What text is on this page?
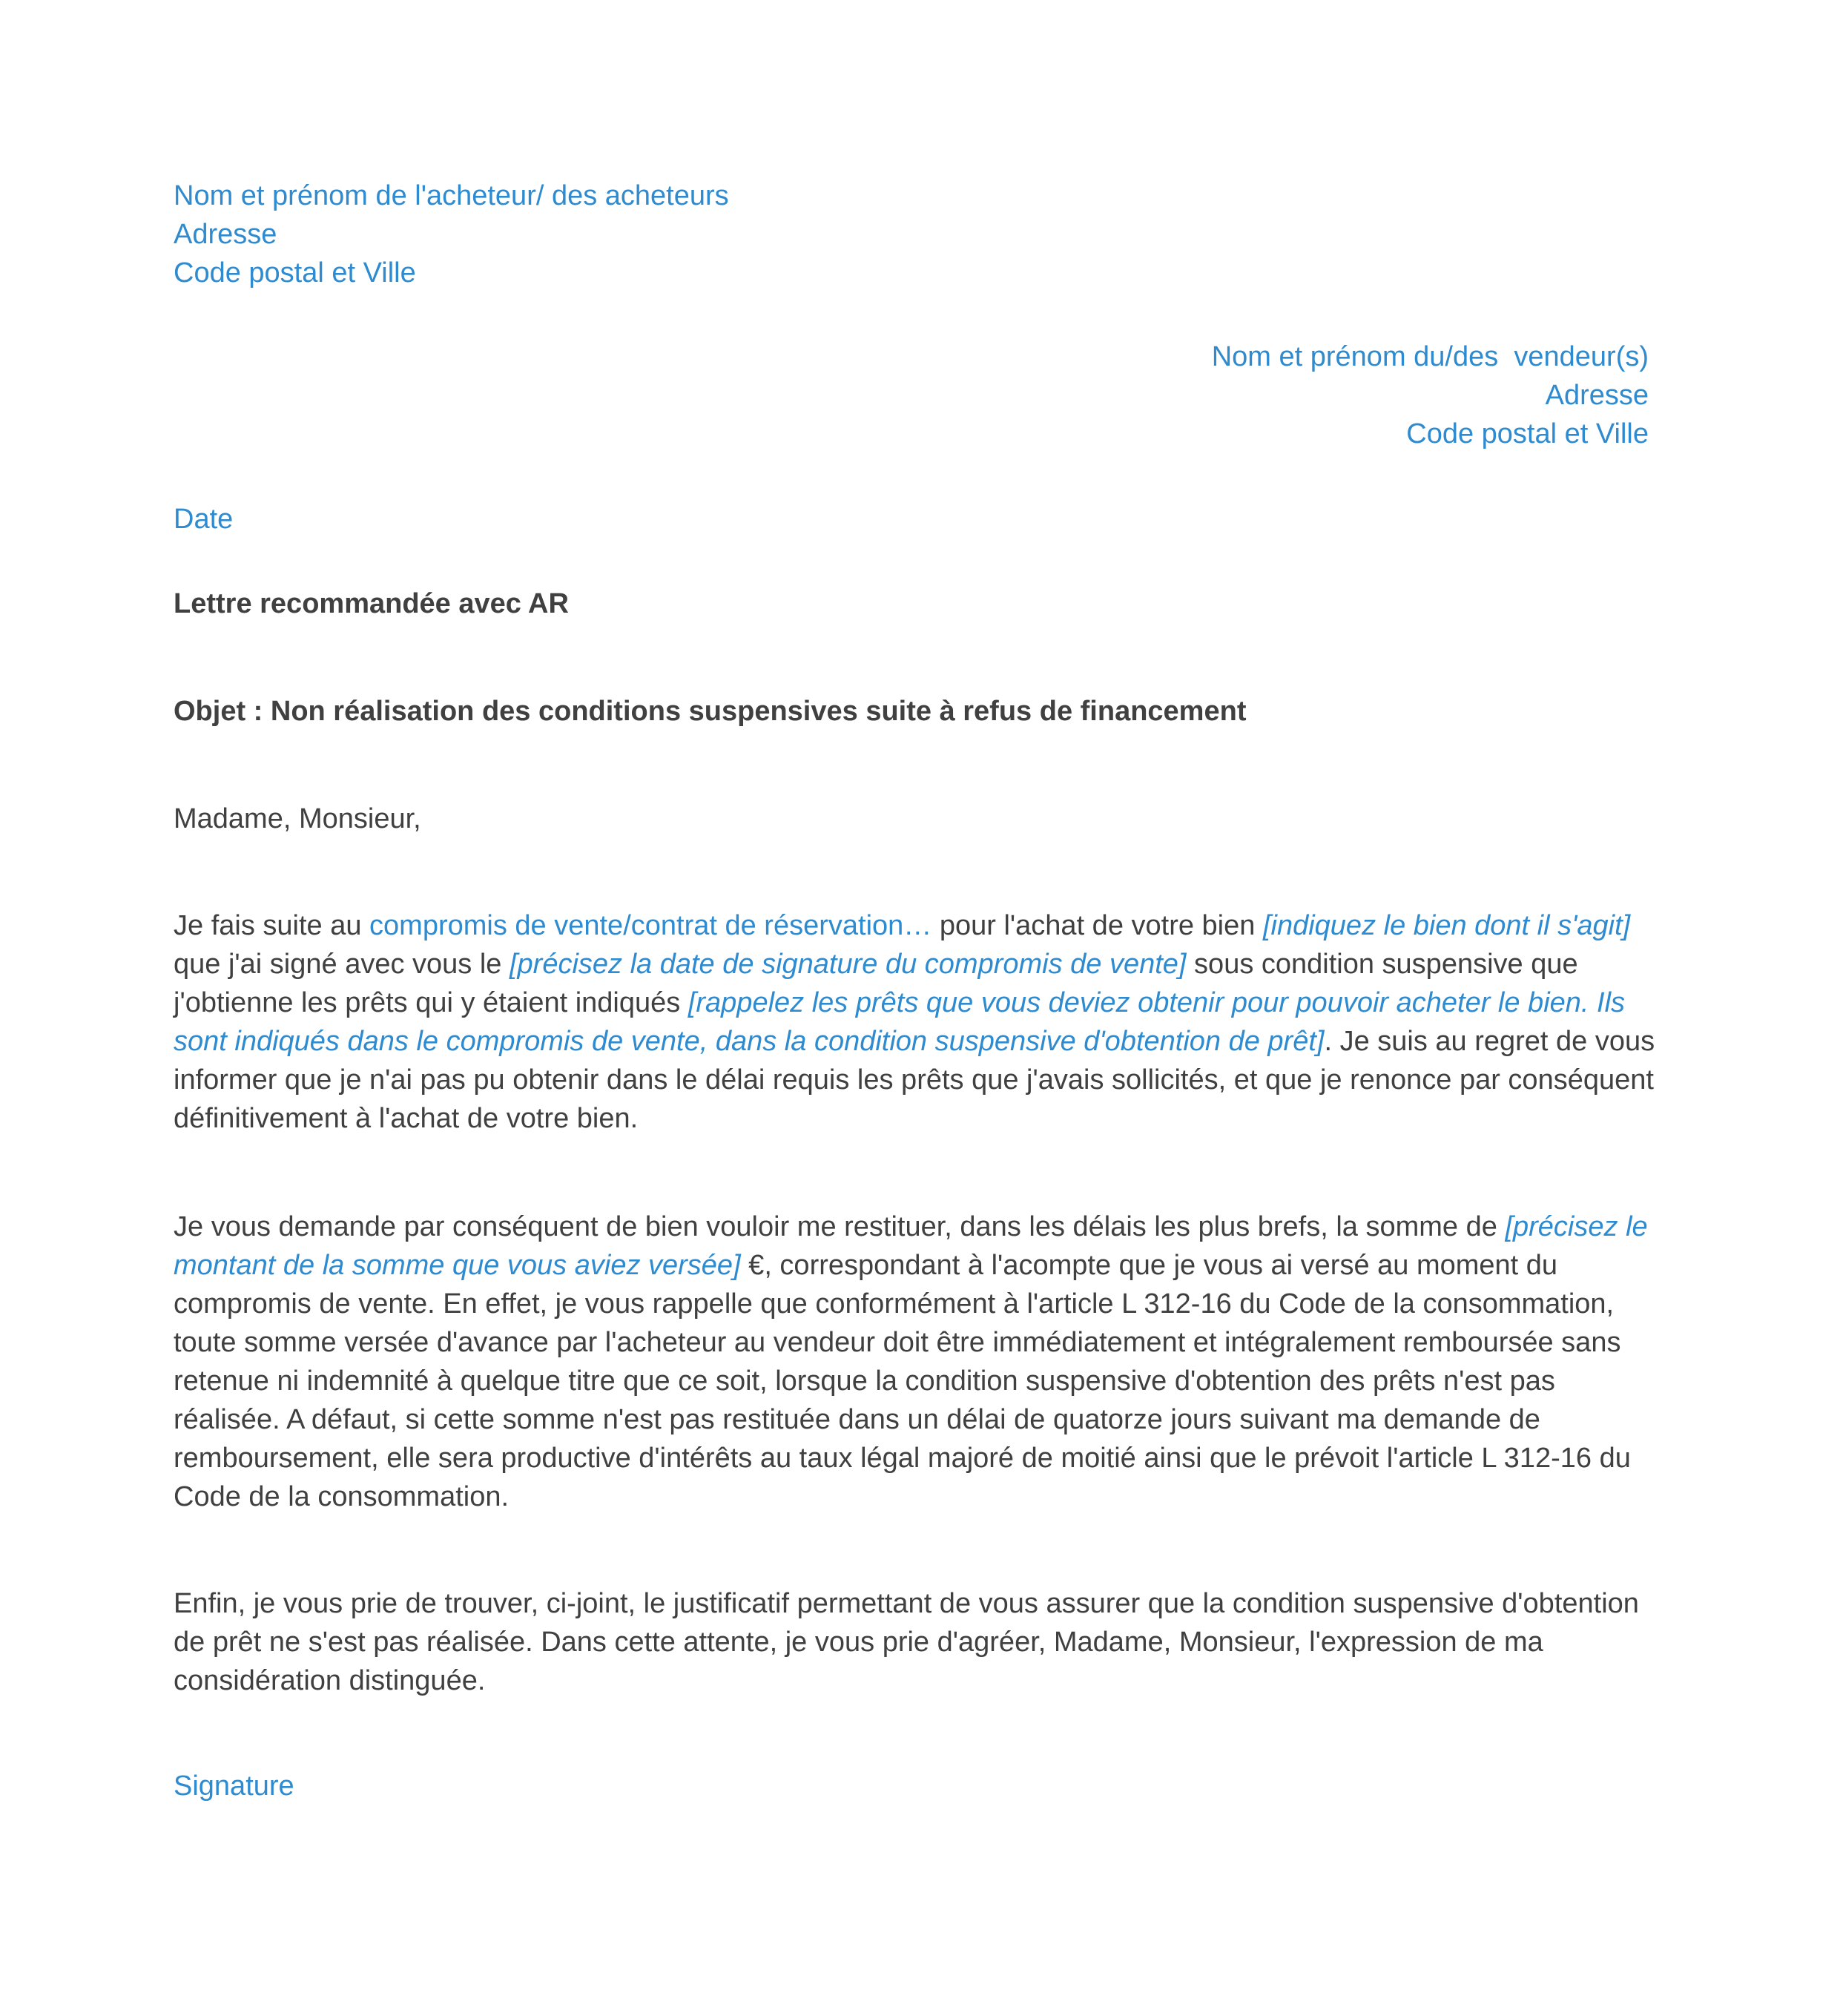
Nom et prénom de l'acheteur/ des acheteurs
Adresse
Code postal et Ville
Nom et prénom du/des  vendeur(s)
Adresse
Code postal et Ville
Date
Lettre recommandée avec AR
Objet : Non réalisation des conditions suspensives suite à refus de financement
Madame, Monsieur,

Je fais suite au compromis de vente/contrat de réservation… pour l'achat de votre bien [indiquez le bien dont il s'agit] que j'ai signé avec vous le [précisez la date de signature du compromis de vente] sous condition suspensive que j'obtienne les prêts qui y étaient indiqués [rappelez les prêts que vous deviez obtenir pour pouvoir acheter le bien. Ils sont indiqués dans le compromis de vente, dans la condition suspensive d'obtention de prêt]. Je suis au regret de vous informer que je n'ai pas pu obtenir dans le délai requis les prêts que j'avais sollicités, et que je renonce par conséquent définitivement à l'achat de votre bien.

Je vous demande par conséquent de bien vouloir me restituer, dans les délais les plus brefs, la somme de [précisez le montant de la somme que vous aviez versée] €, correspondant à l'acompte que je vous ai versé au moment du compromis de vente. En effet, je vous rappelle que conformément à l'article L 312-16 du Code de la consommation, toute somme versée d'avance par l'acheteur au vendeur doit être immédiatement et intégralement remboursée sans retenue ni indemnité à quelque titre que ce soit, lorsque la condition suspensive d'obtention des prêts n'est pas réalisée. A défaut, si cette somme n'est pas restituée dans un délai de quatorze jours suivant ma demande de remboursement, elle sera productive d'intérêts au taux légal majoré de moitié ainsi que le prévoit l'article L 312-16 du Code de la consommation.

Enfin, je vous prie de trouver, ci-joint, le justificatif permettant de vous assurer que la condition suspensive d'obtention de prêt ne s'est pas réalisée. Dans cette attente, je vous prie d'agréer, Madame, Monsieur, l'expression de ma considération distinguée.

Signature
